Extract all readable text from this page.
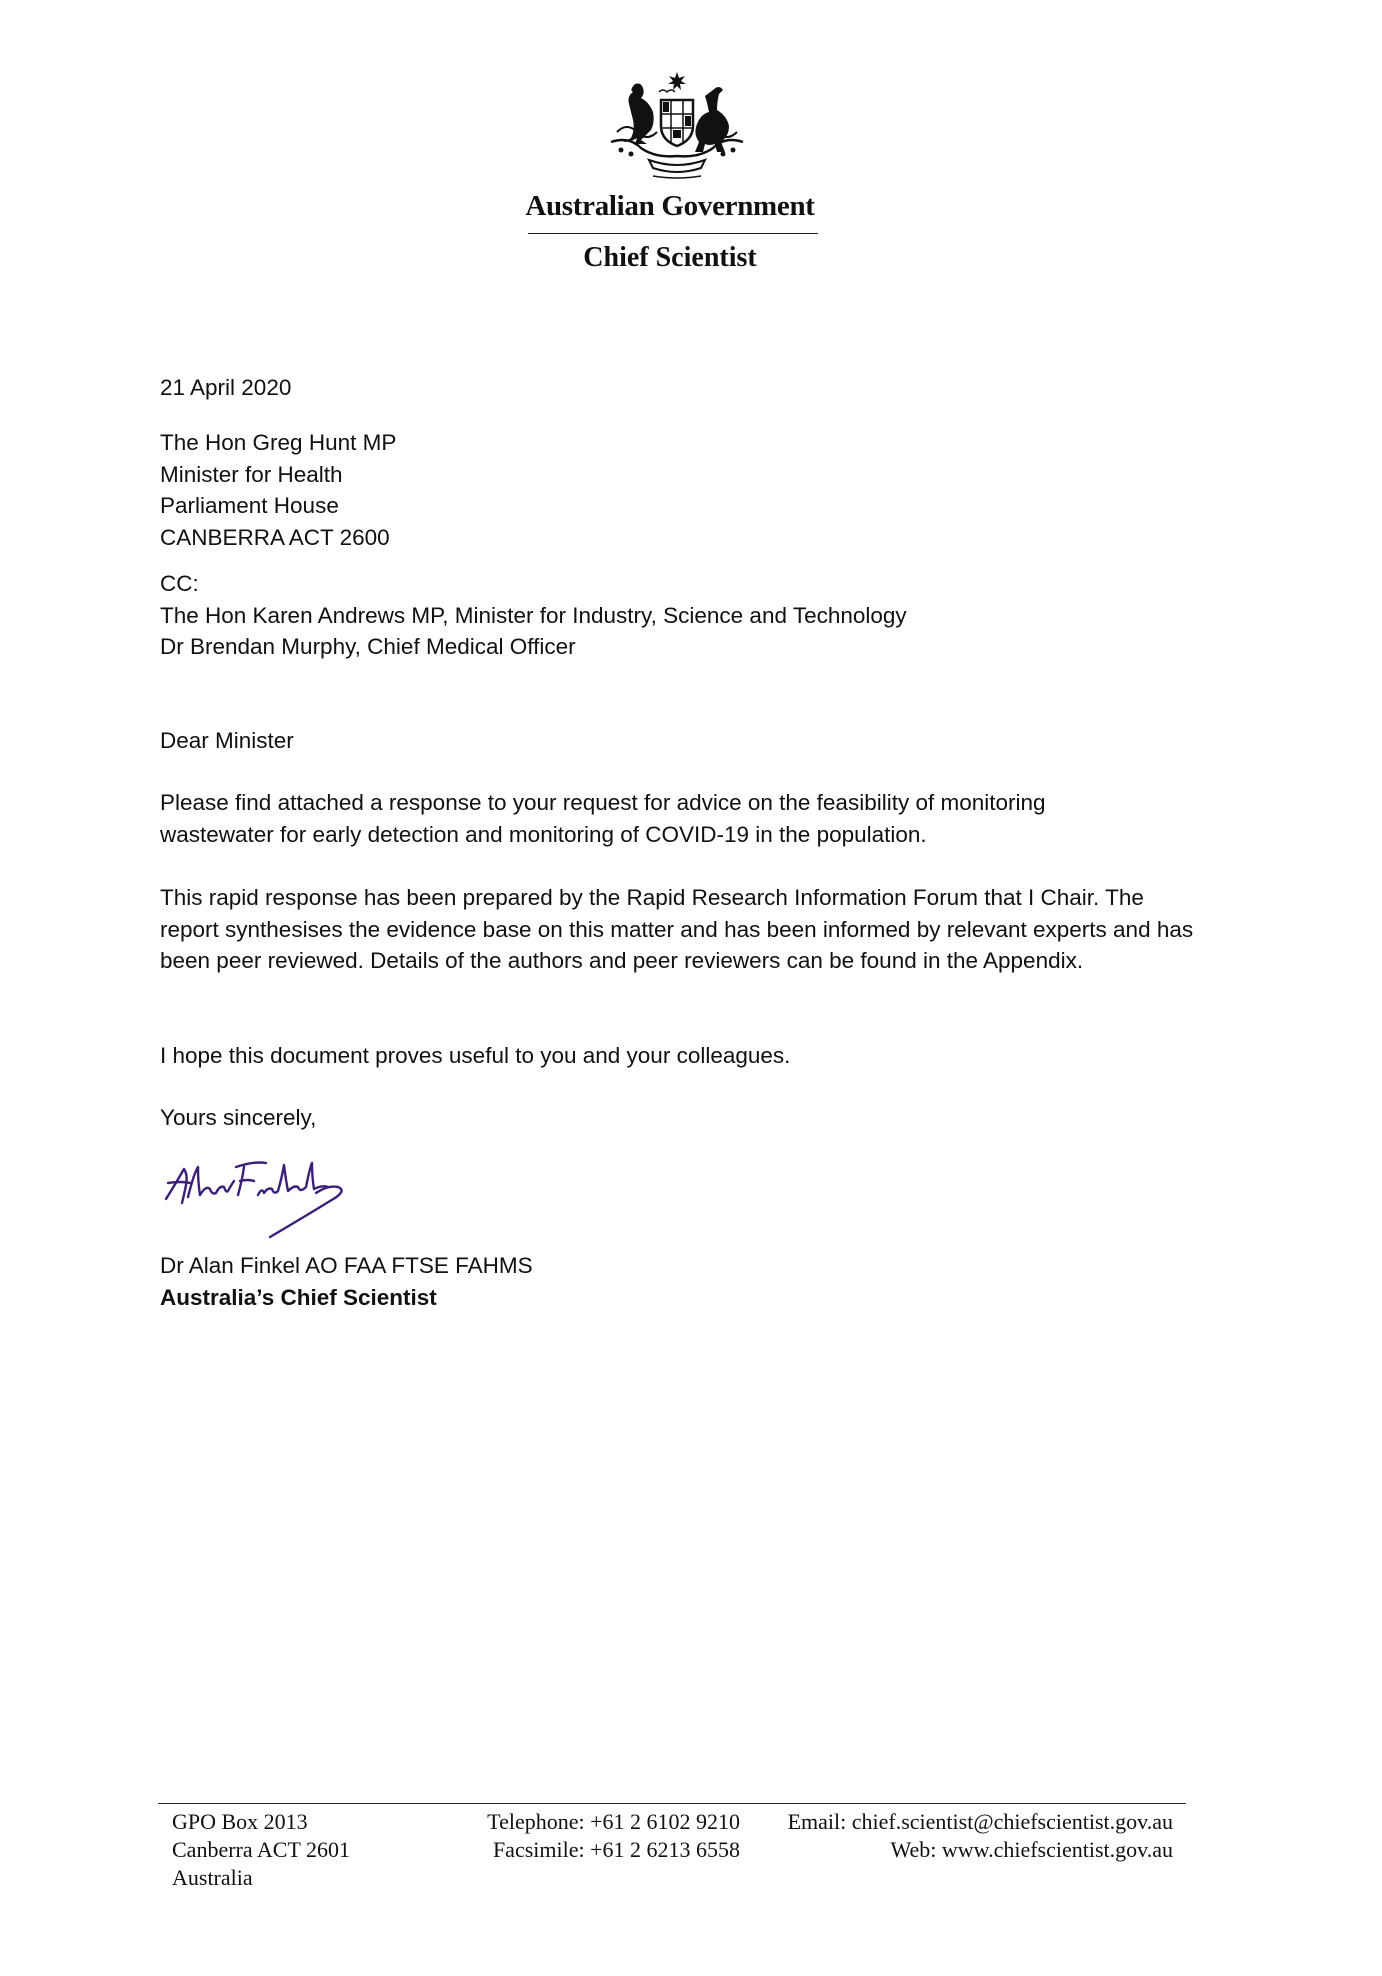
Australian Government
Chief Scientist
21 April 2020

The Hon Greg Hunt MP

Minister for Health

Parliament House

CANBERRA ACT 2600

CC:

The Hon Karen Andrews MP, Minister for Industry, Science and Technology

Dr Brendan Murphy, Chief Medical Officer

Dear Minister
Please find attached a response to your request for advice on the feasibility of monitoring wastewater for early detection and monitoring of COVID-19 in the population.
This rapid response has been prepared by the Rapid Research Information Forum that I Chair. The report synthesises the evidence base on this matter and has been informed by relevant experts and has been peer reviewed. Details of the authors and peer reviewers can be found in the Appendix.
I hope this document proves useful to you and your colleagues.
Yours sincerely,
Dr Alan Finkel AO FAA FTSE FAHMS
Australia’s Chief Scientist
GPO Box 2013
Canberra ACT 2601
Australia
Telephone: +61 2 6102 9210
Facsimile: +61 2 6213 6558
Email: chief.scientist@chiefscientist.gov.au
Web: www.chiefscientist.gov.au
